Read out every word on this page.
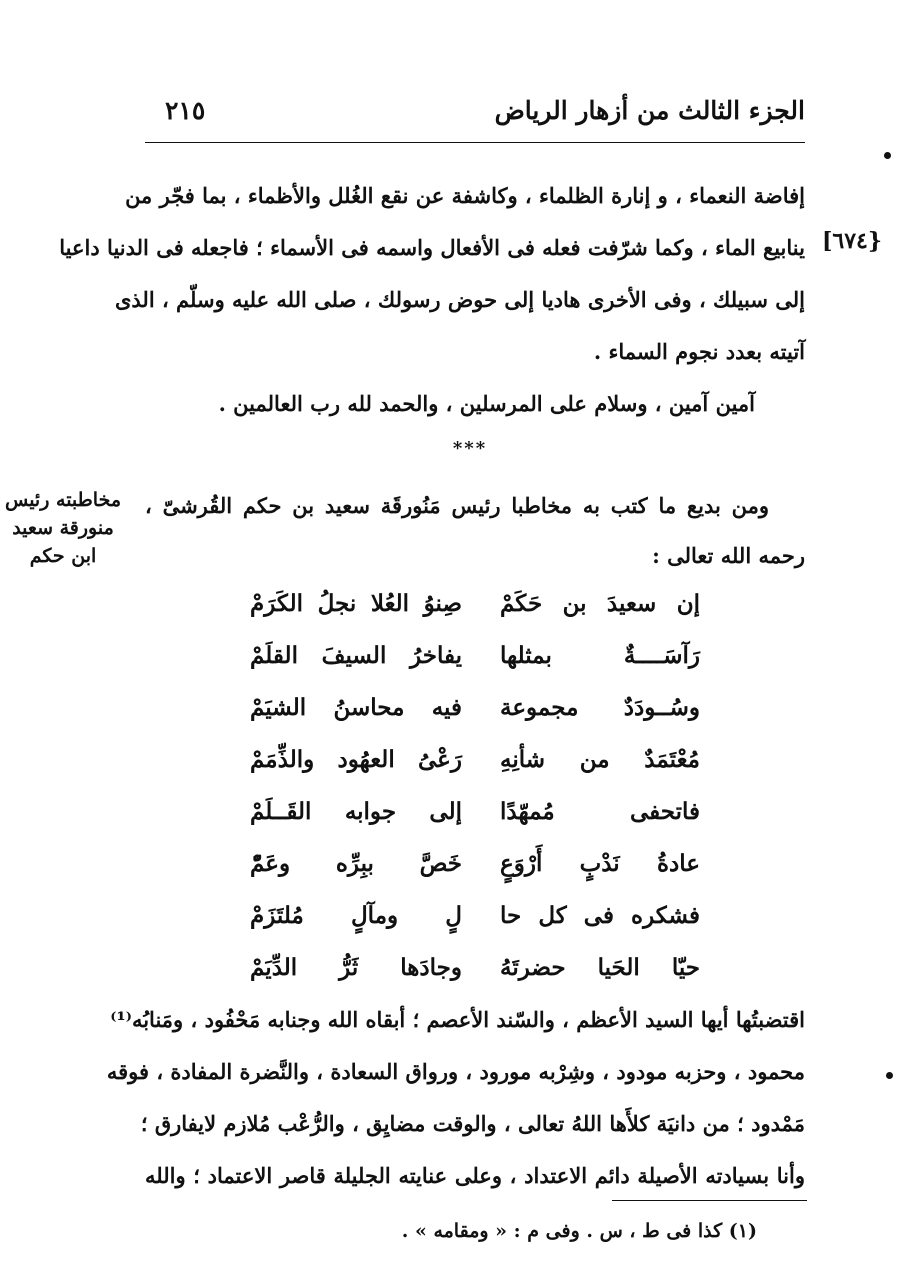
الجزء الثالث من أزهار الرياض
٢١٥
{٦٧٤]
إفاضة النعماء ، و إنارة الظلماء ، وكاشفة عن نقع الغُلل والأظماء ، بما فجّر من
ينابيع الماء ، وكما شرّفت فعله فى الأفعال واسمه فى الأسماء ؛ فاجعله فى الدنيا داعيا
إلى سبيلك ، وفى الأخرى هاديا إلى حوض رسولك ، صلى الله عليه وسلّم ، الذى
آتيته بعدد نجوم السماء .
آمين آمين ، وسلام على المرسلين ، والحمد لله رب العالمين .
***
مخاطبته رئيس
منورقة سعيد
ابن حكم
ومن بديع ما كتب به مخاطبا رئيس مَنُورقَة سعيد بن حكم القُرشىّ ،
رحمه الله تعالى :
إن سعيدَ بن حَكَمْ
صِنوُ العُلا نجلُ الكَرَمْ
رَآسَــــةٌ بمثلها
يفاخرُ السيفَ القلَمْ
وسُــودَدٌ مجموعة
فيه محاسنُ الشيَمْ
مُعْتَمَدٌ من شأنِهِ
رَعْىُ العهُود والذِّمَمْ
فاتحفى مُمهّدًا
إلى جوابه القَــلَمْ
عادةُ نَدْبٍ أَرْوَعٍ
خَصَّ ببِرِّه وعَمّْ
فشكره فى كل حا
لٍ ومآلٍ مُلتَزَمْ
حيّا الحَيا حضرتَهُ
وجادَها ثَرُّ الدِّيَمْ
اقتضبتُها أيها السيد الأعظم ، والسّند الأعصم ؛ أبقاه الله وجنابه مَحْفُود ، ومَنابُه⁽¹⁾
محمود ، وحزبه مودود ، وشِرْبه مورود ، ورواق السعادة ، والنَّضرة المفادة ، فوقه
مَمْدود ؛ من دانيَة كلأَها اللهُ تعالى ، والوقت مضايِق ، والرُّعْب مُلازم لايفارق ؛
وأنا بسيادته الأصيلة دائم الاعتداد ، وعلى عنايته الجليلة قاصر الاعتماد ؛ والله
(١) كذا فى ط ، س . وفى م : « ومقامه » .
